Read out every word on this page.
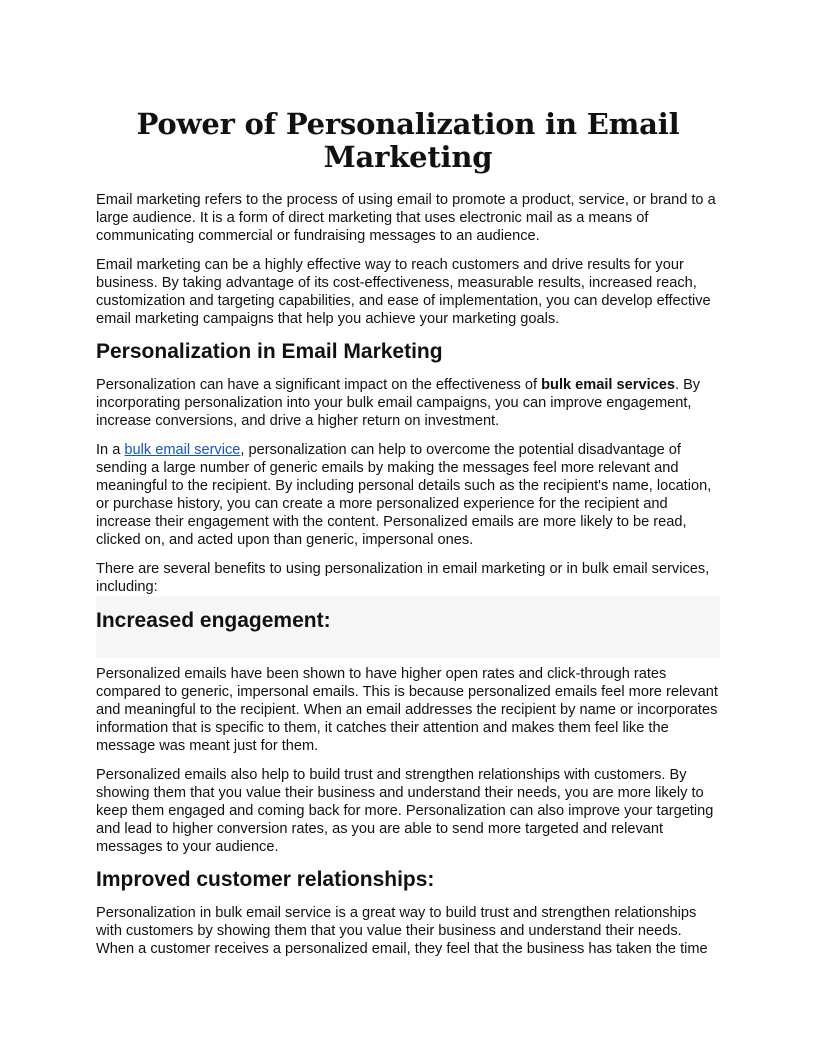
Power of Personalization in Email Marketing

Email marketing refers to the process of using email to promote a product, service, or brand to a large audience. It is a form of direct marketing that uses electronic mail as a means of communicating commercial or fundraising messages to an audience.

Email marketing can be a highly effective way to reach customers and drive results for your business. By taking advantage of its cost-effectiveness, measurable results, increased reach, customization and targeting capabilities, and ease of implementation, you can develop effective email marketing campaigns that help you achieve your marketing goals.

Personalization in Email Marketing

Personalization can have a significant impact on the effectiveness of bulk email services. By incorporating personalization into your bulk email campaigns, you can improve engagement, increase conversions, and drive a higher return on investment.

In a bulk email service, personalization can help to overcome the potential disadvantage of sending a large number of generic emails by making the messages feel more relevant and meaningful to the recipient. By including personal details such as the recipient's name, location, or purchase history, you can create a more personalized experience for the recipient and increase their engagement with the content. Personalized emails are more likely to be read, clicked on, and acted upon than generic, impersonal ones.

There are several benefits to using personalization in email marketing or in bulk email services, including:

Increased engagement:

Personalized emails have been shown to have higher open rates and click-through rates compared to generic, impersonal emails. This is because personalized emails feel more relevant and meaningful to the recipient. When an email addresses the recipient by name or incorporates information that is specific to them, it catches their attention and makes them feel like the message was meant just for them.

Personalized emails also help to build trust and strengthen relationships with customers. By showing them that you value their business and understand their needs, you are more likely to keep them engaged and coming back for more. Personalization can also improve your targeting and lead to higher conversion rates, as you are able to send more targeted and relevant messages to your audience.

Improved customer relationships:

Personalization in bulk email service is a great way to build trust and strengthen relationships with customers by showing them that you value their business and understand their needs. When a customer receives a personalized email, they feel that the business has taken the time
